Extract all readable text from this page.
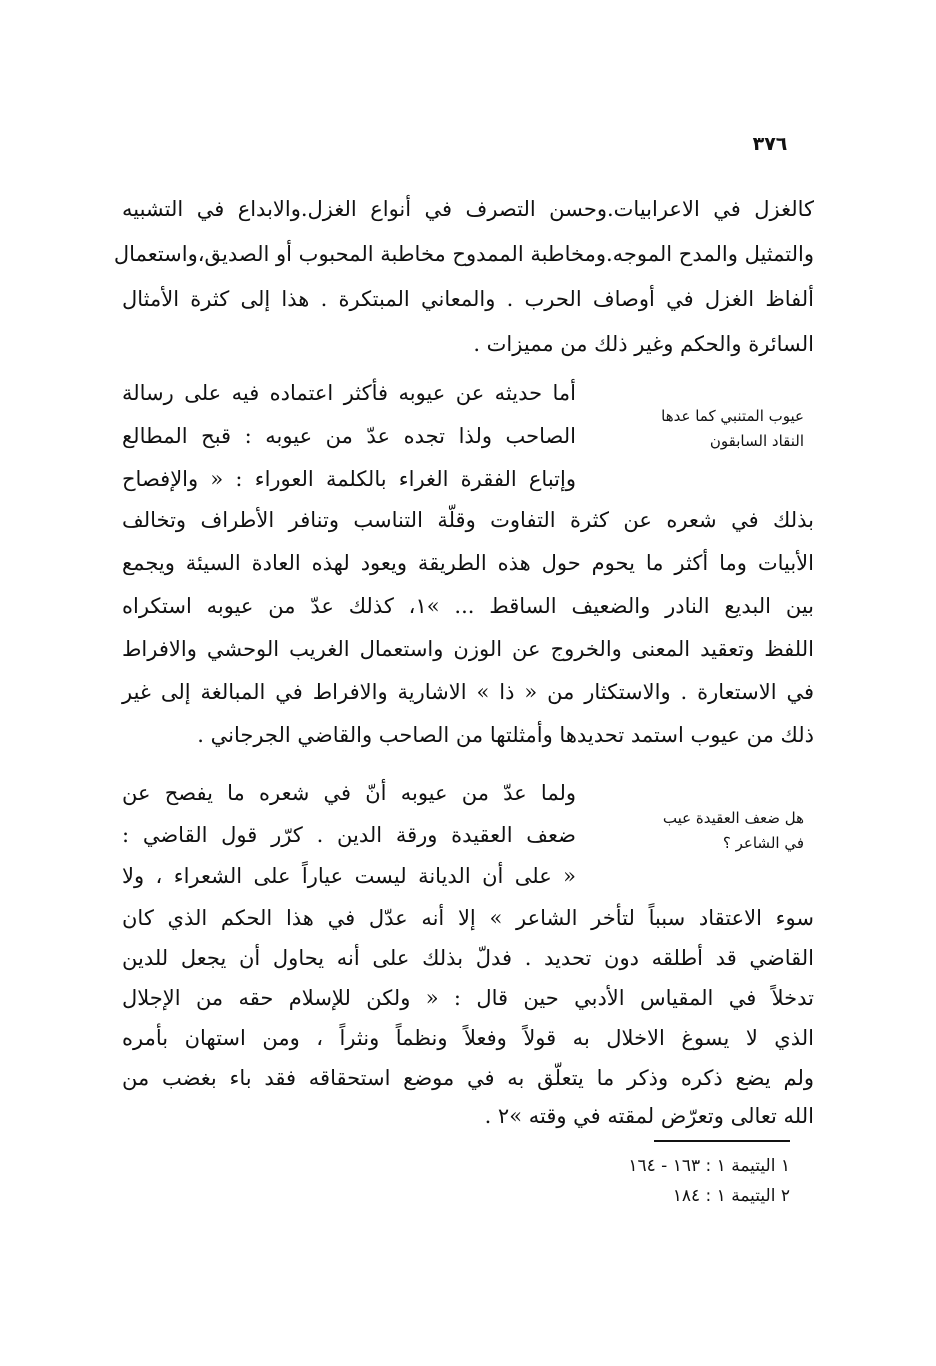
٣٧٦
كالغزل في الاعرابيات.وحسن التصرف في أنواع الغزل.والابداع في التشبيه
والتمثيل والمدح الموجه.ومخاطبة الممدوح مخاطبة المحبوب أو الصديق،واستعمال
ألفاظ الغزل في أوصاف الحرب . والمعاني المبتكرة . هذا إلى كثرة الأمثال
السائرة والحكم وغير ذلك من مميزات .
عيوب المتنبي كما عدها
النقاد السابقون
أما حديثه عن عيوبه فأكثر اعتماده فيه على رسالة
الصاحب ولذا تجده عدّ من عيوبه : قبح المطالع
وإتباع الفقرة الغراء بالكلمة العوراء : « والإفصاح
بذلك في شعره عن كثرة التفاوت وقلّة التناسب وتنافر الأطراف وتخالف
الأبيات وما أكثر ما يحوم حول هذه الطريقة ويعود لهذه العادة السيئة ويجمع
بين البديع النادر والضعيف الساقط ... »١، كذلك عدّ من عيوبه استكراه
اللفظ وتعقيد المعنى والخروج عن الوزن واستعمال الغريب الوحشي والافراط
في الاستعارة . والاستكثار من « ذا » الاشارية والافراط في المبالغة إلى غير
ذلك من عيوب استمد تحديدها وأمثلتها من الصاحب والقاضي الجرجاني .
هل ضعف العقيدة عيب
في الشاعر ؟
ولما عدّ من عيوبه أنّ في شعره ما يفصح عن
ضعف العقيدة ورقة الدين . كرّر قول القاضي :
« على أن الديانة ليست عياراً على الشعراء ، ولا
سوء الاعتقاد سبباً لتأخر الشاعر » إلا أنه عدّل في هذا الحكم الذي كان
القاضي قد أطلقه دون تحديد . فدلّ بذلك على أنه يحاول أن يجعل للدين
تدخلاً في المقياس الأدبي حين قال : « ولكن للإسلام حقه من الإجلال
الذي لا يسوغ الاخلال به قولاً وفعلاً ونظماً ونثراً ، ومن استهان بأمره
ولم يضع ذكره وذكر ما يتعلّق به في موضع استحقاقه فقد باء بغضب من
الله تعالى وتعرّض لمقته في وقته »٢ .
١ اليتيمة ١ : ١٦٣ - ١٦٤
٢ اليتيمة ١ : ١٨٤
